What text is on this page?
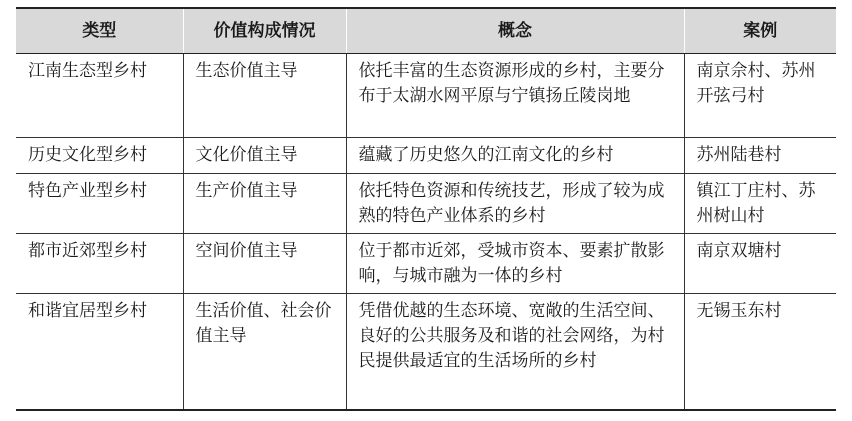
类型	价值构成情况	概念	案例
江南生态型乡村	生态价值主导	依托丰富的生态资源形成的乡村，主要分布于太湖水网平原与宁镇扬丘陵岗地	南京佘村、苏州开弦弓村
历史文化型乡村	文化价值主导	蕴藏了历史悠久的江南文化的乡村	苏州陆巷村
特色产业型乡村	生产价值主导	依托特色资源和传统技艺，形成了较为成熟的特色产业体系的乡村	镇江丁庄村、苏州树山村
都市近郊型乡村	空间价值主导	位于都市近郊，受城市资本、要素扩散影响，与城市融为一体的乡村	南京双塘村
和谐宜居型乡村	生活价值、社会价值主导	凭借优越的生态环境、宽敞的生活空间、良好的公共服务及和谐的社会网络，为村民提供最适宜的生活场所的乡村	无锡玉东村
